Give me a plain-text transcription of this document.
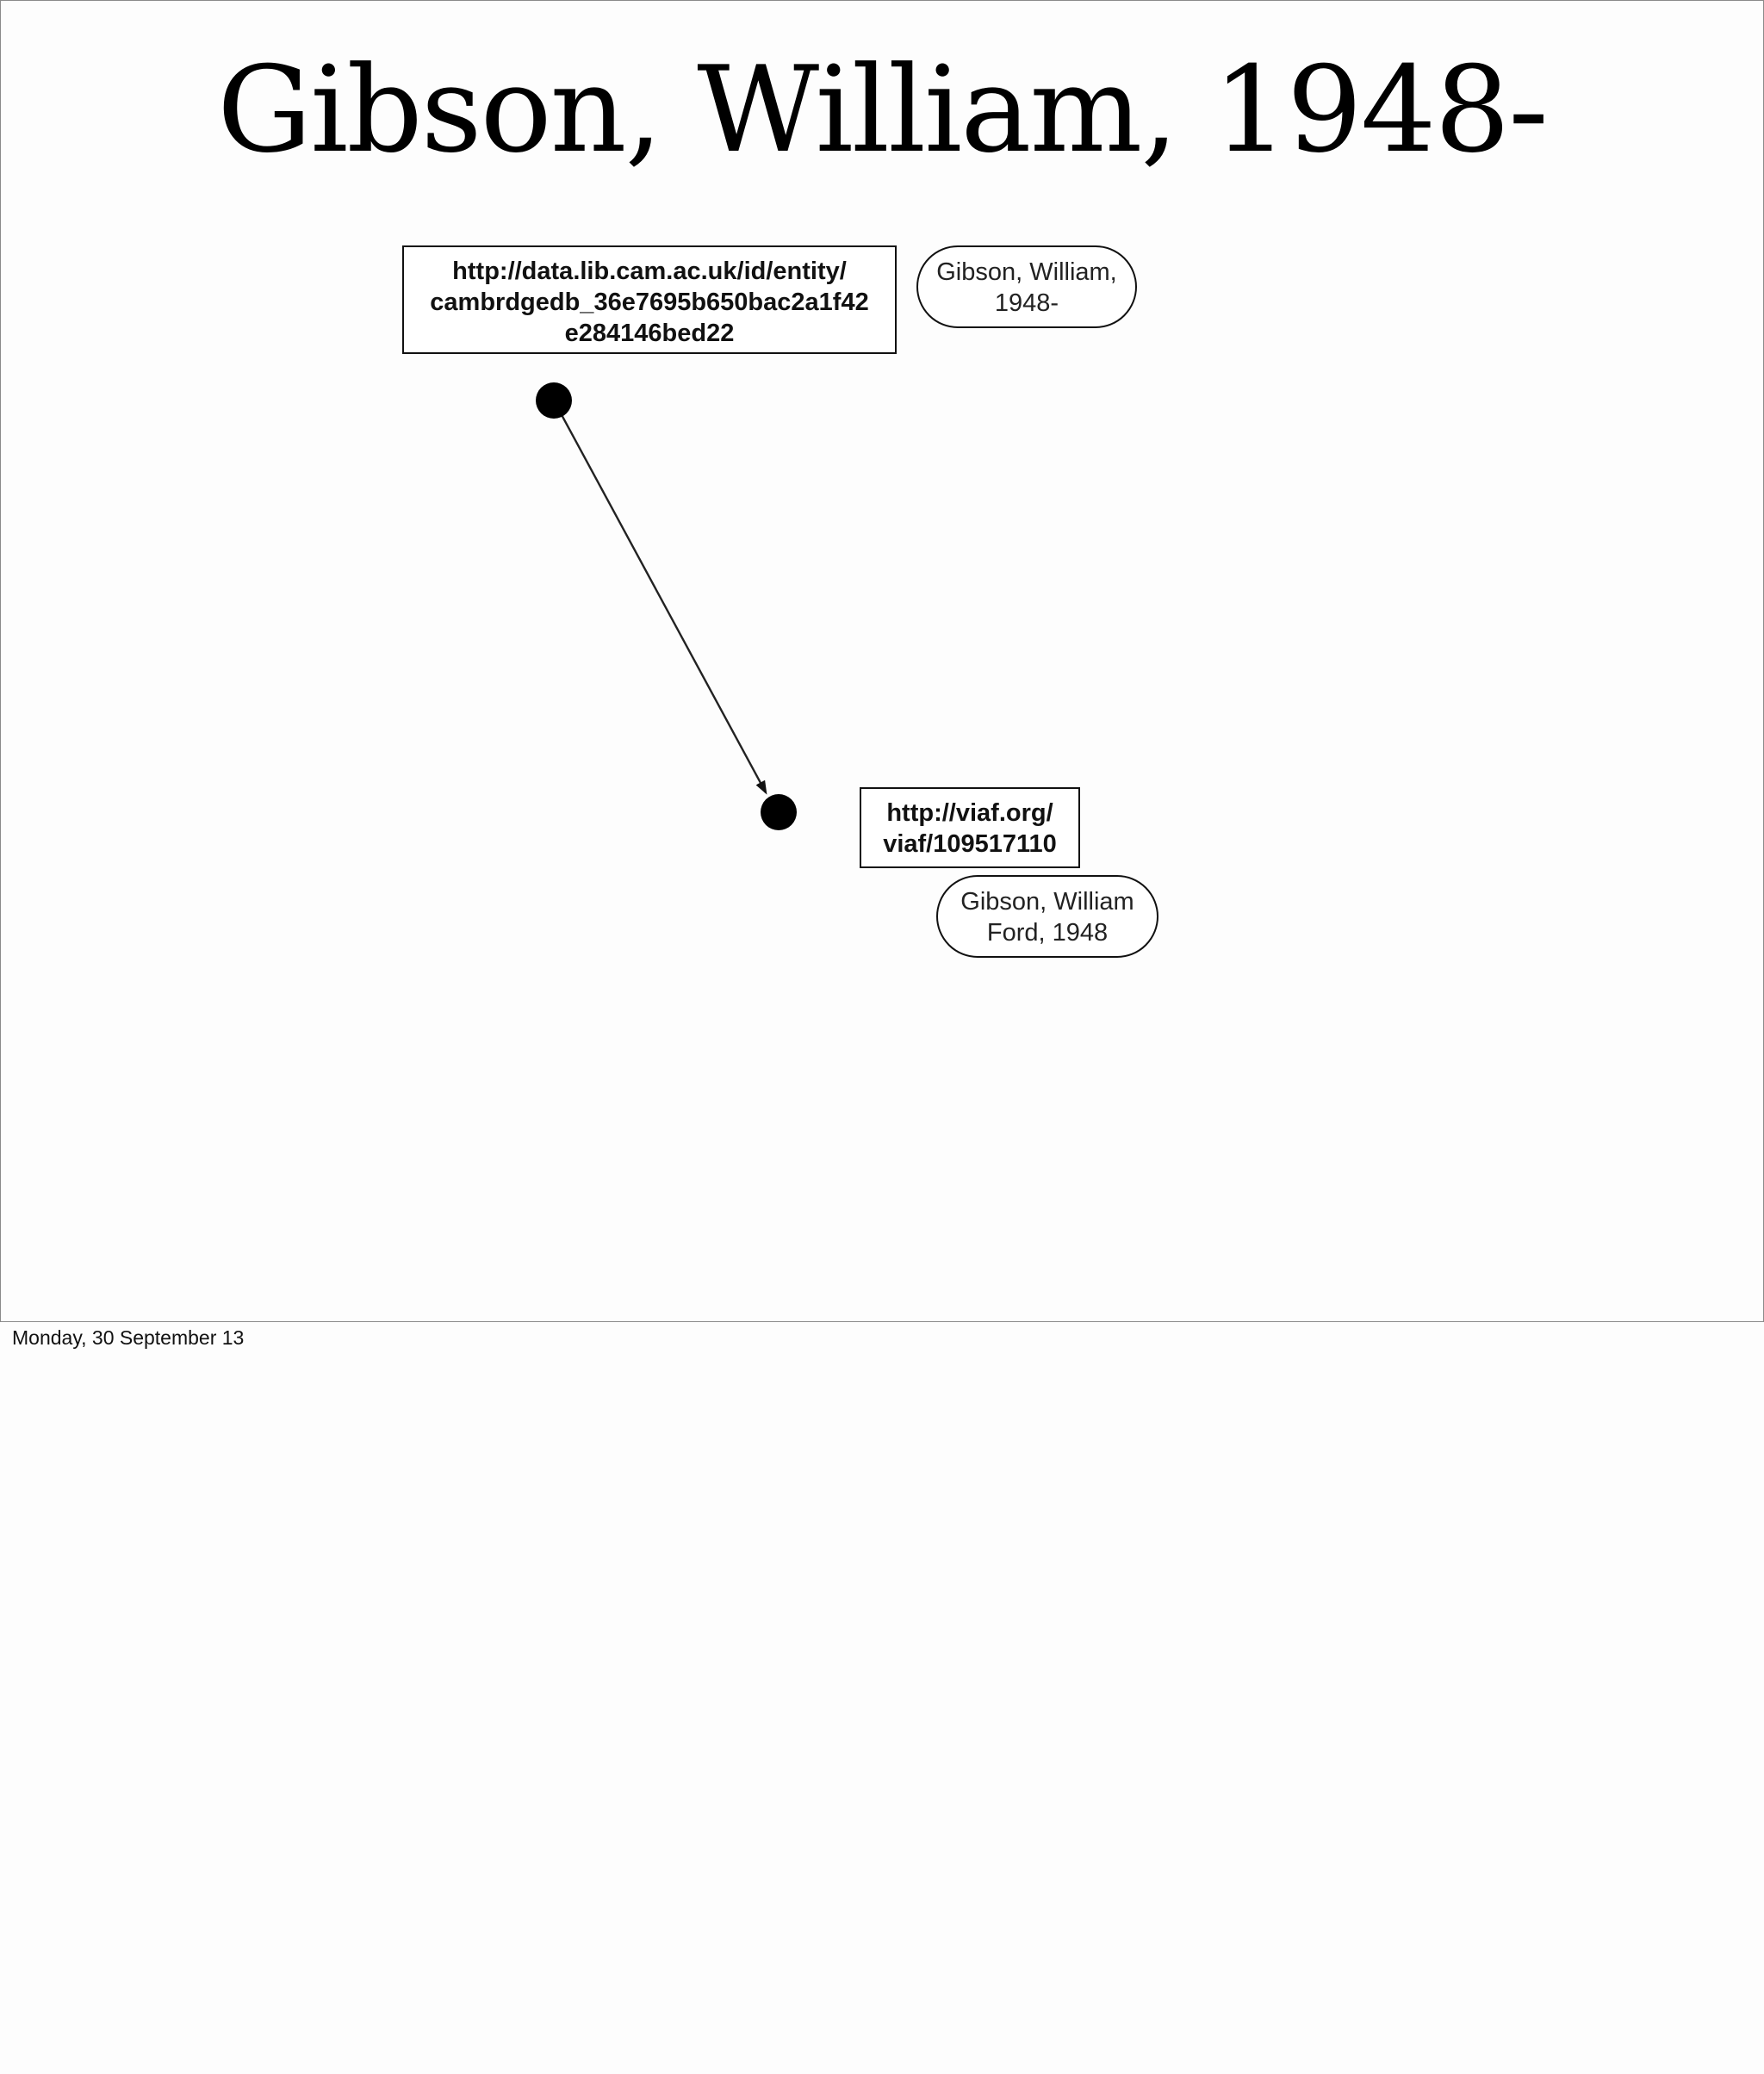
Gibson, William, 1948-
http://data.lib.cam.ac.uk/id/entity/
cambrdgedb_36e7695b650bac2a1f42
e284146bed22
Gibson, William,
1948-
http://viaf.org/
viaf/109517110
Gibson, William
Ford, 1948
Monday, 30 September 13
